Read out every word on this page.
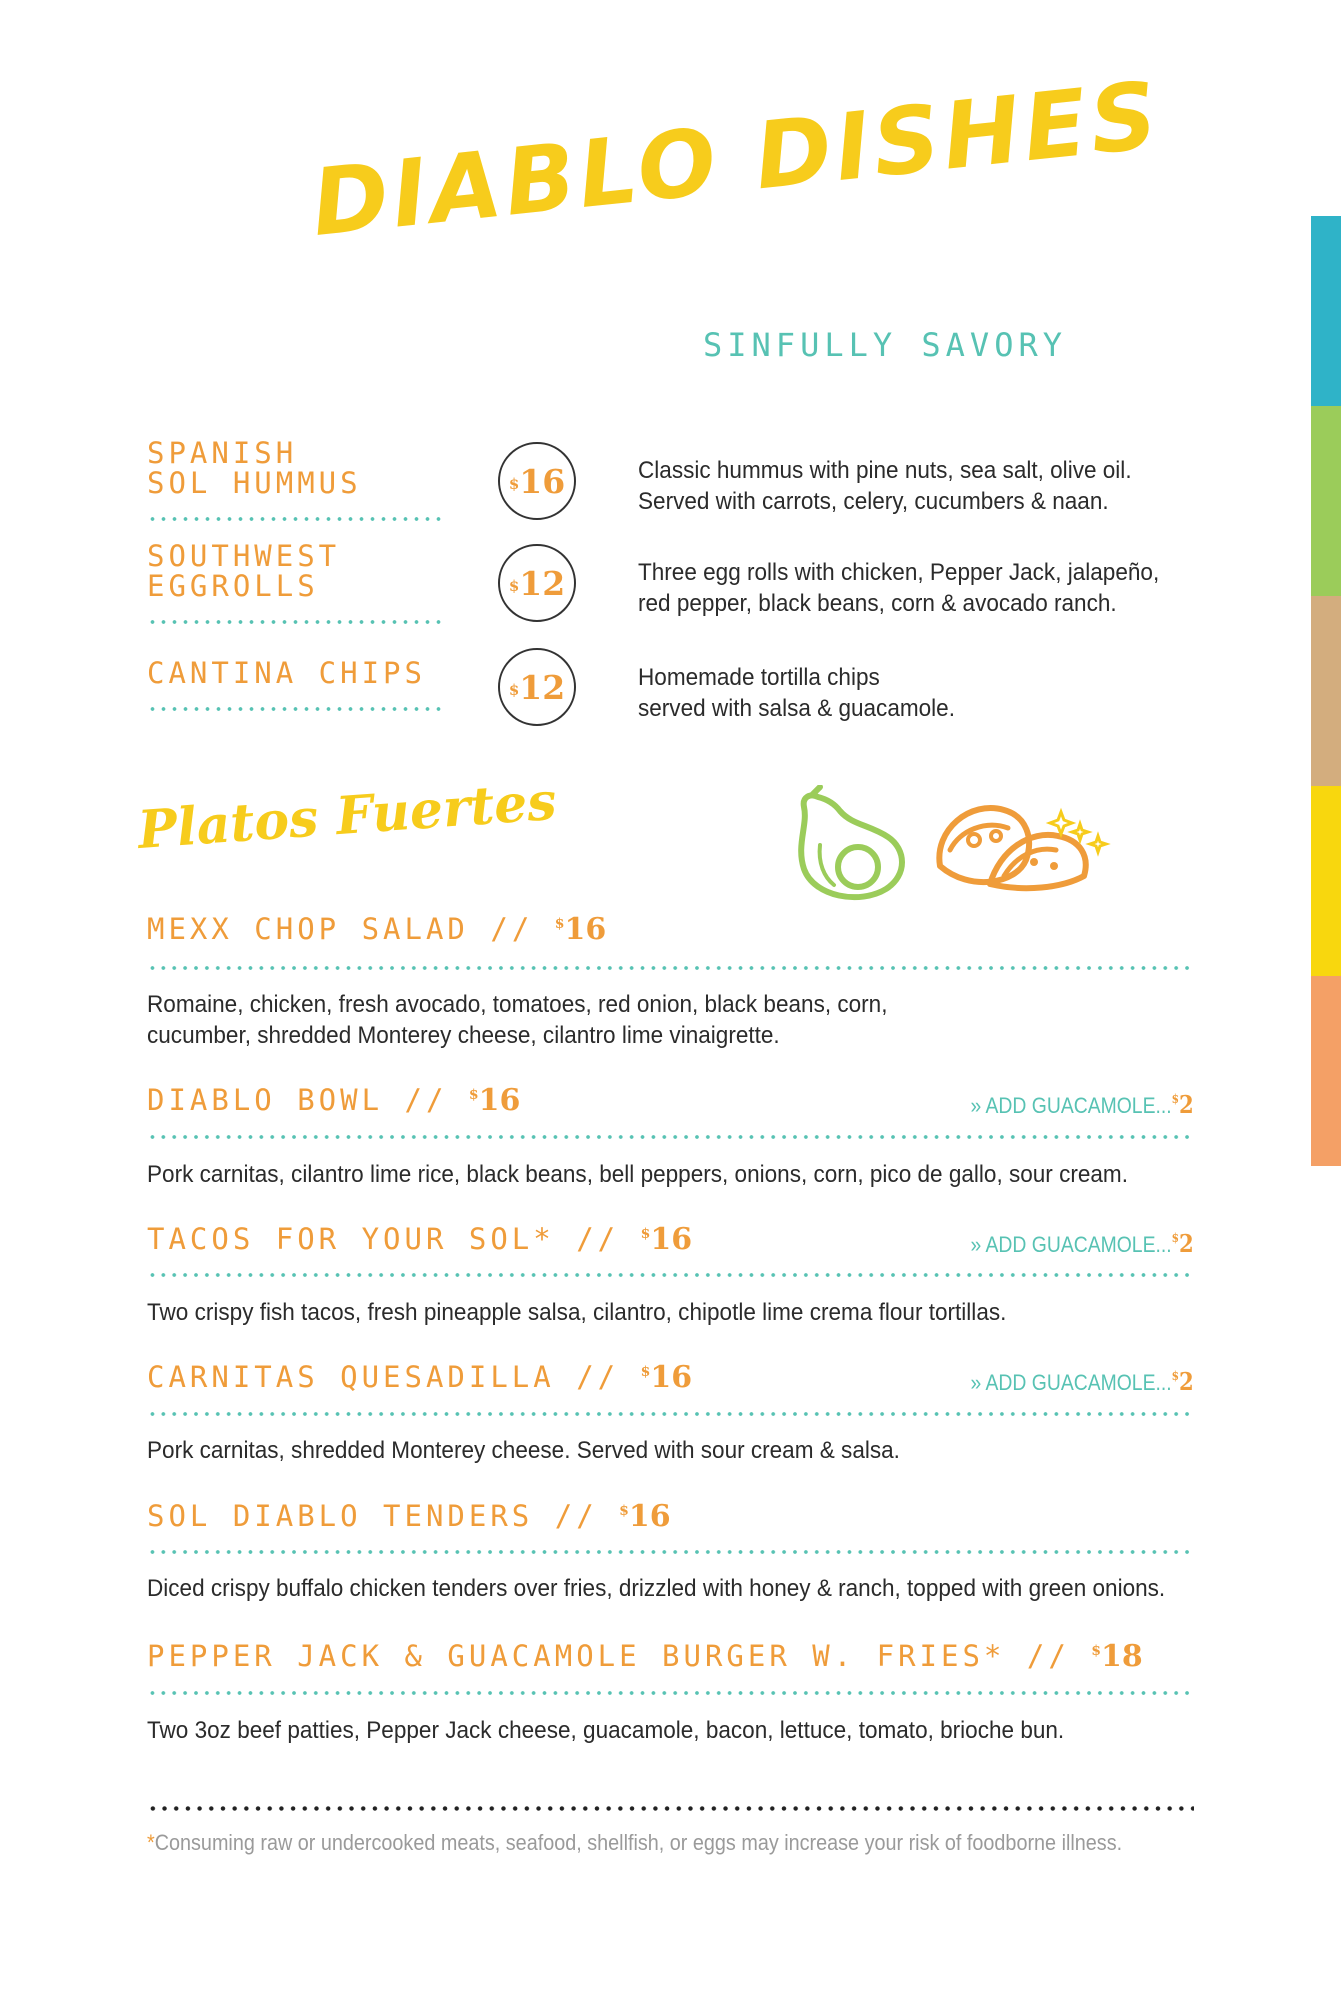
DIABLO DISHES
SINFULLY SAVORY
SPANISH
SOL HUMMUS	$ 16	Classic hummus with pine nuts, sea salt, olive oil.
Served with carrots, celery, cucumbers & naan.
SOUTHWEST
EGGROLLS	$ 12	Three egg rolls with chicken, Pepper Jack, jalapeño,
red pepper, black beans, corn & avocado ranch.
CANTINA CHIPS	$ 12	Homemade tortilla chips
served with salsa & guacamole.
Platos Fuertes
MEXX CHOP SALAD // $16
Romaine, chicken, fresh avocado, tomatoes, red onion, black beans, corn,
cucumber, shredded Monterey cheese, cilantro lime vinaigrette.
DIABLO BOWL // $16	» ADD GUACAMOLE...$2
Pork carnitas, cilantro lime rice, black beans, bell peppers, onions, corn, pico de gallo, sour cream.
TACOS FOR YOUR SOL* // $16	» ADD GUACAMOLE...$2
Two crispy fish tacos, fresh pineapple salsa, cilantro, chipotle lime crema flour tortillas.
CARNITAS QUESADILLA // $16	» ADD GUACAMOLE...$2
Pork carnitas, shredded Monterey cheese. Served with sour cream & salsa.
SOL DIABLO TENDERS // $16
Diced crispy buffalo chicken tenders over fries, drizzled with honey & ranch, topped with green onions.
PEPPER JACK & GUACAMOLE BURGER W. FRIES* // $18
Two 3oz beef patties, Pepper Jack cheese, guacamole, bacon, lettuce, tomato, brioche bun.
*Consuming raw or undercooked meats, seafood, shellfish, or eggs may increase your risk of foodborne illness.
